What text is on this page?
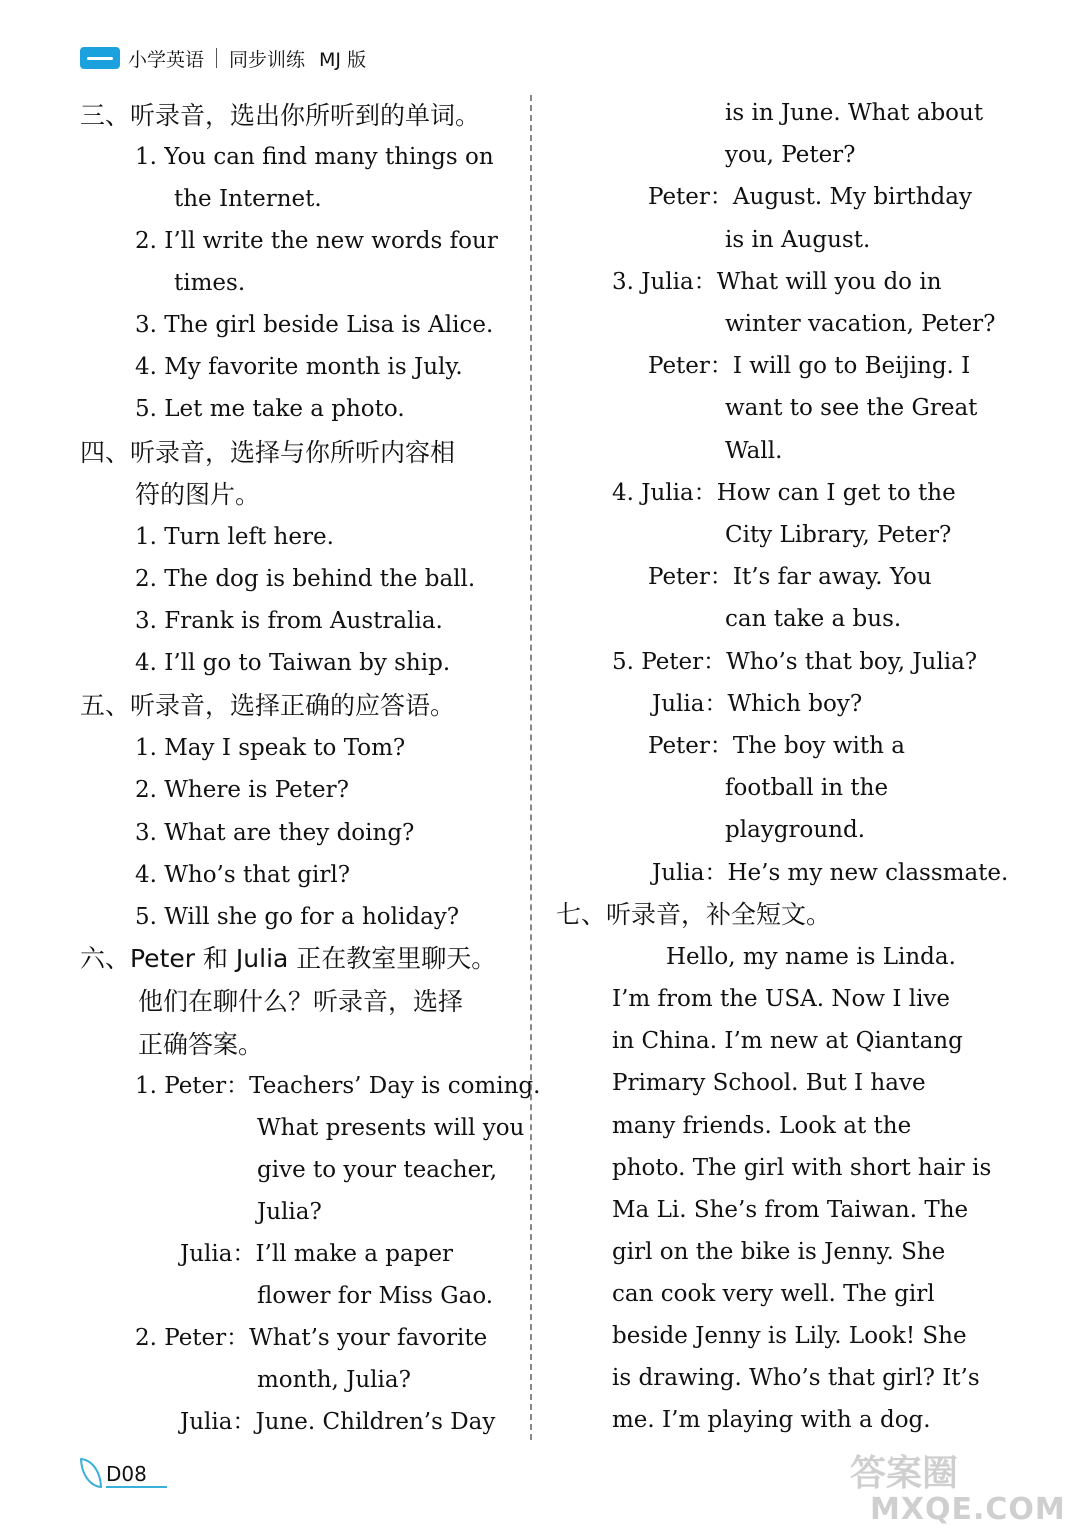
小学英语 同步训练 MJ 版
三、听录音，选出你所听到的单词。
1. You can find many things on
the Internet.
2. I’ll write the new words four
times.
3. The girl beside Lisa is Alice.
4. My favorite month is July.
5. Let me take a photo.
四、听录音，选择与你所听内容相
符的图片。
1. Turn left here.
2. The dog is behind the ball.
3. Frank is from Australia.
4. I’ll go to Taiwan by ship.
五、听录音，选择正确的应答语。
1. May I speak to Tom?
2. Where is Peter?
3. What are they doing?
4. Who’s that girl?
5. Will she go for a holiday?
六、Peter 和 Julia 正在教室里聊天。
他们在聊什么？听录音，选择
正确答案。
1. Peter：Teachers’ Day is coming.
What presents will you
give to your teacher,
Julia?
Julia：I’ll make a paper
flower for Miss Gao.
2. Peter：What’s your favorite
month, Julia?
Julia：June. Children’s Day
is in June. What about
you, Peter?
Peter：August. My birthday
is in August.
3. Julia：What will you do in
winter vacation, Peter?
Peter：I will go to Beijing. I
want to see the Great
Wall.
4. Julia：How can I get to the
City Library, Peter?
Peter：It’s far away. You
can take a bus.
5. Peter：Who’s that boy, Julia?
Julia：Which boy?
Peter：The boy with a
football in the
playground.
Julia：He’s my new classmate.
七、听录音，补全短文。
Hello, my name is Linda.
I’m from the USA. Now I live
in China. I’m new at Qiantang
Primary School. But I have
many friends. Look at the
photo. The girl with short hair is
Ma Li. She’s from Taiwan. The
girl on the bike is Jenny. She
can cook very well. The girl
beside Jenny is Lily. Look! She
is drawing. Who’s that girl? It’s
me. I’m playing with a dog.
D08	答案圈
MXQE.COM
